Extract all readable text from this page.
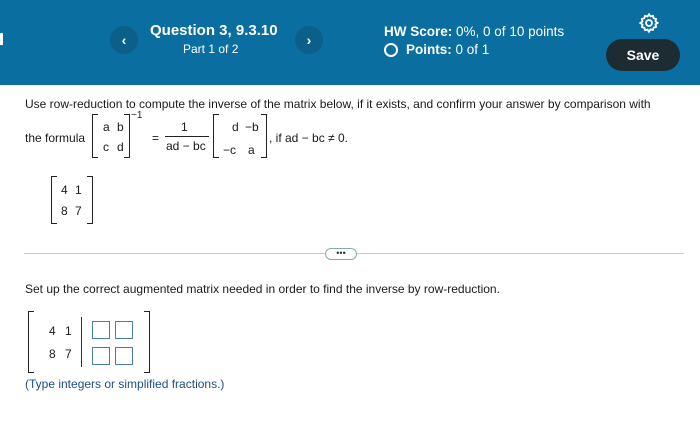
‹
Question 3, 9.3.10
Part 1 of 2
›
HW Score: 0%, 0 of 10 points
Points:
0 of 1	Save
Use row-reduction to compute the inverse of the matrix below, if it exists, and confirm your answer by comparison with
the formula
a b
c d
−1
=
1
ad − bc
d −b
−c a
, if ad − bc ≠ 0.
4 1
8 7
•••
Set up the correct augmented matrix needed in order to find the inverse by row-reduction.
4 1
8 7
(Type integers or simplified fractions.)
